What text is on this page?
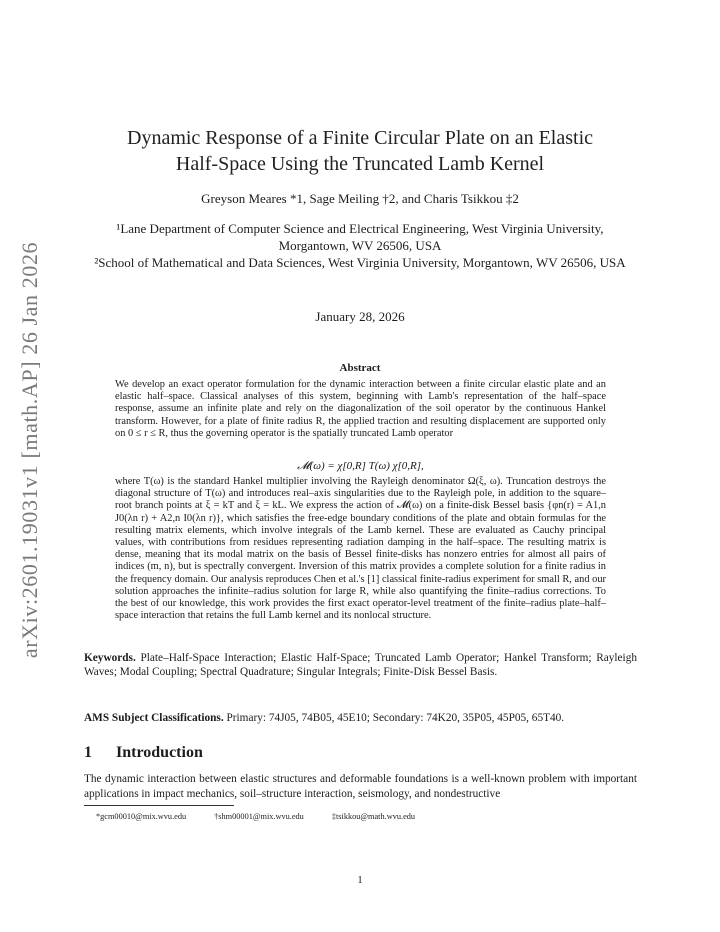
arXiv:2601.19031v1 [math.AP] 26 Jan 2026
Dynamic Response of a Finite Circular Plate on an Elastic
Half-Space Using the Truncated Lamb Kernel
Greyson Meares *1, Sage Meiling †2, and Charis Tsikkou ‡2
¹Lane Department of Computer Science and Electrical Engineering, West Virginia University, Morgantown, WV 26506, USA
²School of Mathematical and Data Sciences, West Virginia University, Morgantown, WV 26506, USA
January 28, 2026
Abstract
We develop an exact operator formulation for the dynamic interaction between a finite circular elastic plate and an elastic half–space. Classical analyses of this system, beginning with Lamb's representation of the half–space response, assume an infinite plate and rely on the diagonalization of the soil operator by the continuous Hankel transform. However, for a plate of finite radius R, the applied traction and resulting displacement are supported only on 0 ≤ r ≤ R, thus the governing operator is the spatially truncated Lamb operator
𝓜(ω) = χ[0,R] T(ω) χ[0,R],
where T(ω) is the standard Hankel multiplier involving the Rayleigh denominator Ω(ξ, ω). Truncation destroys the diagonal structure of T(ω) and introduces real–axis singularities due to the Rayleigh pole, in addition to the square–root branch points at ξ = kT and ξ = kL. We express the action of 𝓜(ω) on a finite-disk Bessel basis {φn(r) = A1,n J0(λn r) + A2,n I0(λn r)}, which satisfies the free-edge boundary conditions of the plate and obtain formulas for the resulting matrix elements, which involve integrals of the Lamb kernel. These are evaluated as Cauchy principal values, with contributions from residues representing radiation damping in the half–space. The resulting matrix is dense, meaning that its modal matrix on the basis of Bessel finite-disks has nonzero entries for almost all pairs of indices (m, n), but is spectrally convergent. Inversion of this matrix provides a complete solution for a finite radius in the frequency domain. Our analysis reproduces Chen et al.'s [1] classical finite-radius experiment for small R, and our solution approaches the infinite–radius solution for large R, while also quantifying the finite–radius corrections. To the best of our knowledge, this work provides the first exact operator-level treatment of the finite–radius plate–half–space interaction that retains the full Lamb kernel and its nonlocal structure.
Keywords. Plate–Half-Space Interaction; Elastic Half-Space; Truncated Lamb Operator; Hankel Transform; Rayleigh Waves; Modal Coupling; Spectral Quadrature; Singular Integrals; Finite-Disk Bessel Basis.
AMS Subject Classifications. Primary: 74J05, 74B05, 45E10; Secondary: 74K20, 35P05, 45P05, 65T40.
1 Introduction
The dynamic interaction between elastic structures and deformable foundations is a well-known problem with important applications in impact mechanics, soil–structure interaction, seismology, and nondestructive
*gcm00010@mix.wvu.edu	†shm00001@mix.wvu.edu	‡tsikkou@math.wvu.edu
1
